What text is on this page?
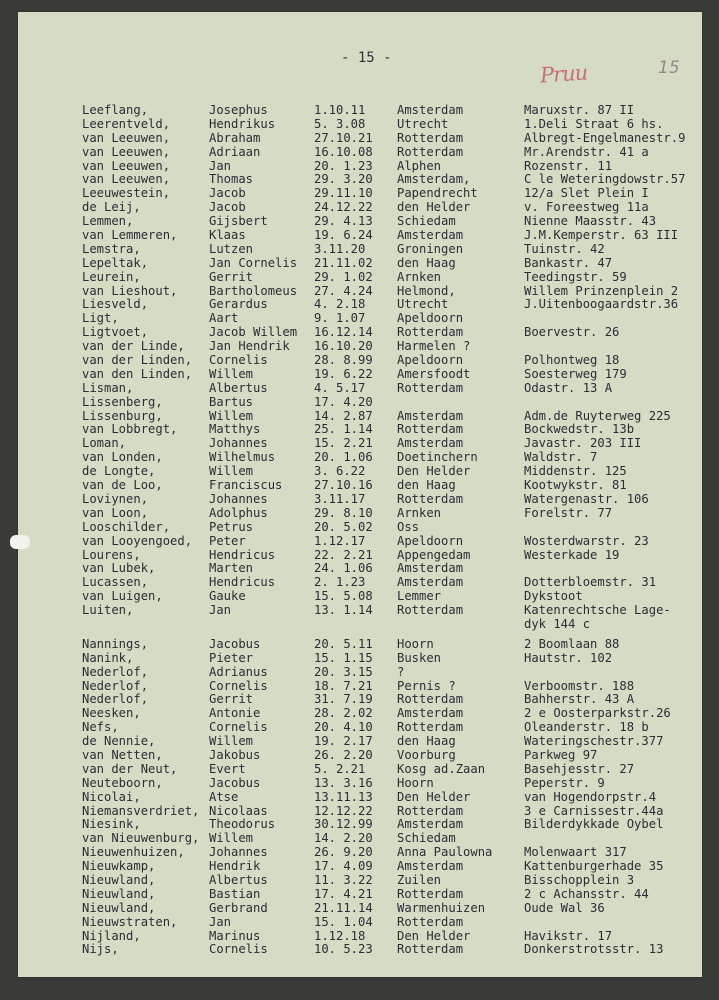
- 15 -
Pruu	15
Leeflang,	Josephus	1.10.11	Amsterdam	Maruxstr. 87 II
Leerentveld,	Hendrikus	5. 3.08	Utrecht	1.Deli Straat 6 hs.
van Leeuwen,	Abraham	27.10.21 Rotterdam	Albregt-Engelmanestr.9
van Leeuwen,	Adriaan	16.10.08 Rotterdam	Mr.Arendstr. 41 a
van Leeuwen,	Jan	20. 1.23 Alphen	Rozenstr. 11
van Leeuwen,	Thomas	29. 3.20 Amsterdam,	C le Weteringdowstr.57
Leeuwestein,	Jacob	29.11.10 Papendrecht	12/a Slet Plein I
de Leij,	Jacob	24.12.22 den Helder	v. Foreestweg 11a
Lemmen,	Gijsbert	29. 4.13 Schiedam	Nienne Maasstr. 43
van Lemmeren,	Klaas	19. 6.24 Amsterdam	J.M.Kemperstr. 63 III
Lemstra,	Lutzen	3.11.20	Groningen	Tuinstr. 42
Lepeltak,	Jan Cornelis 21.11.02 den Haag	Bankastr. 47
Leurein,	Gerrit	29. 1.02 Arnken	Teedingstr. 59
van Lieshout,	Bartholomeus 27. 4.24 Helmond,	Willem Prinzenplein 2
Liesveld,	Gerardus	4. 2.18	Utrecht	J.Uitenboogaardstr.36
Ligt,	Aart	9. 1.07	Apeldoorn
Ligtvoet,	Jacob Willem 16.12.14 Rotterdam	Boervestr. 26
van der Linde, Jan Hendrik 16.10.20 Harmelen ?
van der Linden, Cornelis	28. 8.99 Apeldoorn	Polhontweg 18
van den Linden, Willem	19. 6.22 Amersfoodt	Soesterweg 179
Lisman,	Albertus	4. 5.17	Rotterdam	Odastr. 13 A
Lissenberg,	Bartus	17. 4.20
Lissenburg,	Willem	14. 2.87 Amsterdam	Adm.de Ruyterweg 225
van Lobbregt,	Matthys	25. 1.14 Rotterdam	Bockwedstr. 13b
Loman,	Johannes	15. 2.21 Amsterdam	Javastr. 203 III
van Londen,	Wilhelmus	20. 1.06 Doetinchern	Waldstr. 7
de Longte,	Willem	3. 6.22	Den Helder	Middenstr. 125
van de Loo,	Franciscus	27.10.16 den Haag	Kootwykstr. 81
Loviynen,	Johannes	3.11.17	Rotterdam	Watergenastr. 106
van Loon,	Adolphus	29. 8.10 Arnken	Forelstr. 77
Looschilder,	Petrus	20. 5.02 Oss
van Looyengoed, Peter	1.12.17	Apeldoorn	Wosterdwarstr. 23
Lourens,	Hendricus	22. 2.21 Appengedam	Westerkade 19
van Lubek,	Marten	24. 1.06 Amsterdam
Lucassen,	Hendricus	2. 1.23	Amsterdam	Dotterbloemstr. 31
van Luigen,	Gauke	15. 5.08 Lemmer	Dykstoot
Luiten,	Jan	13. 1.14 Rotterdam	Katenrechtsche Lage-
dyk 144 c
Nannings,	Jacobus	20. 5.11 Hoorn	2 Boomlaan 88
Nanink,	Pieter	15. 1.15 Busken	Hautstr. 102
Nederlof,	Adrianus	20. 3.15 ?
Nederlof,	Cornelis	18. 7.21 Pernis ?	Verboomstr. 188
Nederlof,	Gerrit	31. 7.19 Rotterdam	Bahherstr. 43 A
Neesken,	Antonie	28. 2.02 Amsterdam	2 e Oosterparkstr.26
Nefs,	Cornelis	20. 4.10 Rotterdam	Oleanderstr. 18 b
de Nennie,	Willem	19. 2.17 den Haag	Wateringschestr.377
van Netten,	Jakobus	26. 2.20 Voorburg	Parkweg 97
van der Neut,	Evert	5. 2.21	Kosg ad.Zaan	Basehjesstr. 27
Neuteboorn,	Jacobus	13. 3.16 Hoorn	Peperstr. 9
Nicolai,	Atse	13.11.13 Den Helder	van Hogendorpstr.4
Niemansverdriet, Nicolaas	12.12.22 Rotterdam	3 e Carnissestr.44a
Niesink,	Theodorus	30.12.99 Amsterdam	Bilderdykkade Oybel
van Nieuwenburg, Willem	14. 2.20 Schiedam
Nieuwenhuizen, Johannes	26. 9.20 Anna Paulowna	Molenwaart 317
Nieuwkamp,	Hendrik	17. 4.09 Amsterdam	Kattenburgerhade 35
Nieuwland,	Albertus	11. 3.22 Zuilen	Bisschopplein 3
Nieuwland,	Bastian	17. 4.21 Rotterdam	2 c Achansstr. 44
Nieuwland,	Gerbrand	21.11.14 Warmenhuizen	Oude Wal 36
Nieuwstraten,	Jan	15. 1.04 Rotterdam
Nijland,	Marinus	1.12.18	Den Helder	Havikstr. 17
Nijs,	Cornelis	10. 5.23 Rotterdam	Donkerstrotsstr. 13
